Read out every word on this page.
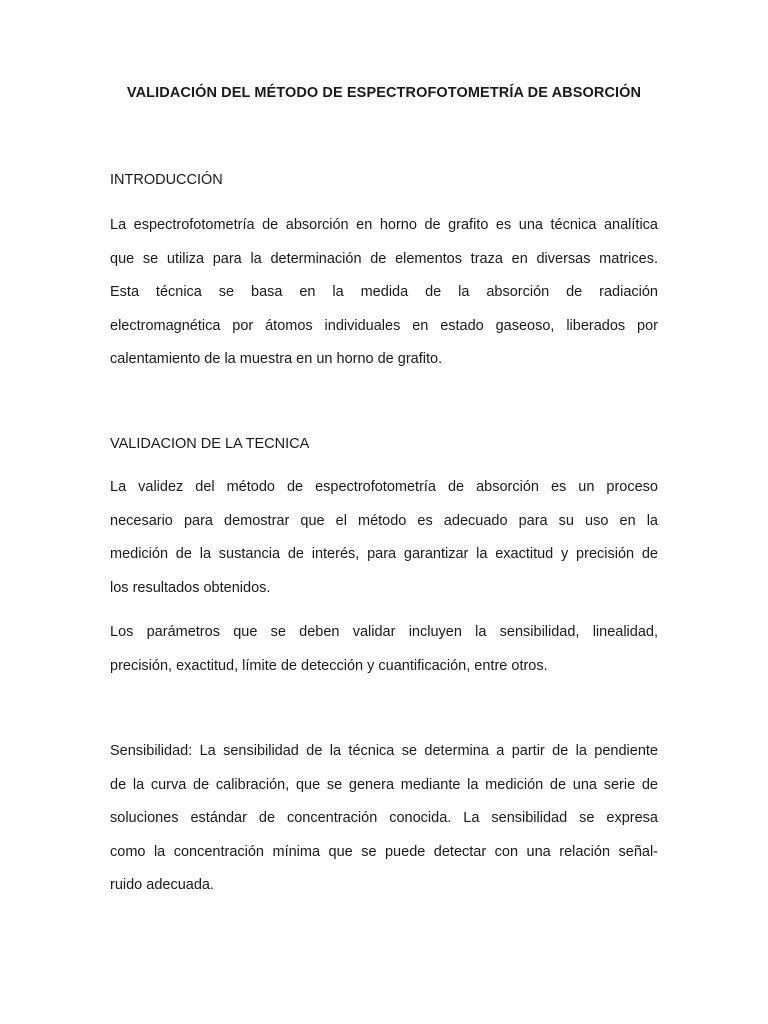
VALIDACIÓN DEL MÉTODO DE ESPECTROFOTOMETRÍA DE ABSORCIÓN
INTRODUCCIÓN
La espectrofotometría de absorción en horno de grafito es una técnica analítica
que se utiliza para la determinación de elementos traza en diversas matrices.
Esta técnica se basa en la medida de la absorción de radiación
electromagnética por átomos individuales en estado gaseoso, liberados por
calentamiento de la muestra en un horno de grafito.
VALIDACION DE LA TECNICA
La validez del método de espectrofotometría de absorción es un proceso
necesario para demostrar que el método es adecuado para su uso en la
medición de la sustancia de interés, para garantizar la exactitud y precisión de
los resultados obtenidos.
Los parámetros que se deben validar incluyen la sensibilidad, linealidad,
precisión, exactitud, límite de detección y cuantificación, entre otros.
Sensibilidad: La sensibilidad de la técnica se determina a partir de la pendiente
de la curva de calibración, que se genera mediante la medición de una serie de
soluciones estándar de concentración conocida. La sensibilidad se expresa
como la concentración mínima que se puede detectar con una relación señal-
ruido adecuada.
